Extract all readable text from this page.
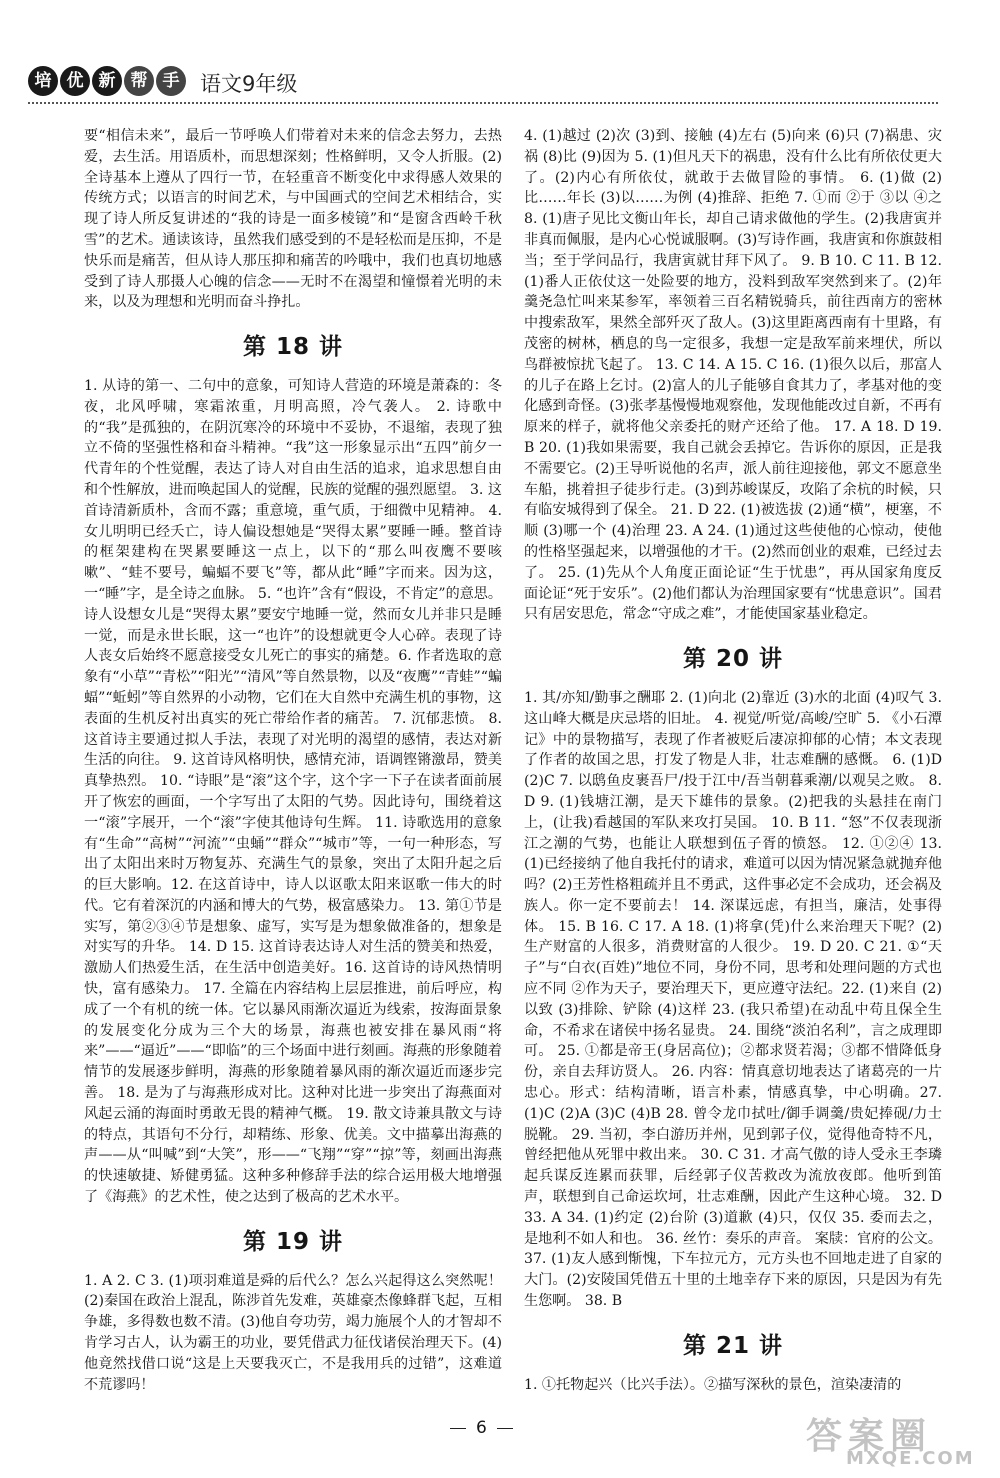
培 优 新 帮 手 语文9年级

要“相信未来”，最后一节呼唤人们带着对未来的信念去努力，去热爱，去生活。用语质朴，而思想深刻；性格鲜明，又令人折服。(2)全诗基本上遵从了四行一节，在轻重音不断变化中求得感人效果的传统方式；以语言的时间艺术，与中国画式的空间艺术相结合，实现了诗人所反复讲述的“我的诗是一面多棱镜”和“是窗含西岭千秋雪”的艺术。通读该诗，虽然我们感受到的不是轻松而是压抑，不是快乐而是痛苦，但从诗人那压抑和痛苦的吟哦中，我们也真切地感受到了诗人那摄人心魄的信念——无时不在渴望和憧憬着光明的未来，以及为理想和光明而奋斗挣扎。

第 18 讲

1. 从诗的第一、二句中的意象，可知诗人营造的环境是萧森的：冬夜，北风呼啸，寒霜浓重，月明高照，冷气袭人。 2. 诗歌中的“我”是孤独的，在阴沉寒冷的环境中不妥协，不退缩，表现了独立不倚的坚强性格和奋斗精神。“我”这一形象显示出“五四”前夕一代青年的个性觉醒，表达了诗人对自由生活的追求，追求思想自由和个性解放，进而唤起国人的觉醒，民族的觉醒的强烈愿望。 3. 这首诗清新质朴，含而不露；重意境，重气质，于细微中见精神。 4. 女儿明明已经夭亡，诗人偏设想她是“哭得太累”要睡一睡。整首诗的框架建构在哭累要睡这一点上，以下的“那么叫夜鹰不要咳嗽”、“蛙不要号，蝙蝠不要飞”等，都从此“睡”字而来。因为这，一“睡”字，是全诗之血脉。 5. “也许”含有“假设，不肯定”的意思。诗人设想女儿是“哭得太累”要安宁地睡一觉，然而女儿并非只是睡一觉，而是永世长眠，这一“也许”的设想就更令人心碎。表现了诗人丧女后始终不愿意接受女儿死亡的事实的痛楚。6. 作者选取的意象有“小草”“青松”“阳光”“清风”等自然景物，以及“夜鹰”“青蛙”“蝙蝠”“蚯蚓”等自然界的小动物，它们在大自然中充满生机的事物，这表面的生机反衬出真实的死亡带给作者的痛苦。 7. 沉郁悲愤。 8. 这首诗主要通过拟人手法，表现了对光明的渴望的感情，表达对新生活的向往。 9. 这首诗风格明快，感情充沛，语调铿锵激昂，赞美真挚热烈。 10. “诗眼”是“滚”这个字，这个字一下子在读者面前展开了恢宏的画面，一个字写出了太阳的气势。因此诗句，围绕着这一“滚”字展开，一个“滚”字使其他诗句生辉。 11. 诗歌选用的意象有“生命”“高树”“河流”“虫蛹”“群众”“城市”等，一句一种形态，写出了太阳出来时万物复苏、充满生气的景象，突出了太阳升起之后的巨大影响。12. 在这首诗中，诗人以讴歌太阳来讴歌一伟大的时代。它有着深沉的内涵和博大的气势，极富感染力。 13. 第①节是实写，第②③④节是想象、虚写，实写是为想象做准备的，想象是对实写的升华。 14. D 15. 这首诗表达诗人对生活的赞美和热爱，激励人们热爱生活，在生活中创造美好。16. 这首诗的诗风热情明快，富有感染力。 17. 全篇在内容结构上层层推进，前后呼应，构成了一个有机的统一体。它以暴风雨渐次逼近为线索，按海面景象的发展变化分成为三个大的场景，海燕也被安排在暴风雨“将来”——“逼近”——“即临”的三个场面中进行刻画。海燕的形象随着情节的发展逐步鲜明，海燕的形象随着暴风雨的渐次逼近而逐步完善。 18. 是为了与海燕形成对比。这种对比进一步突出了海燕面对风起云涌的海面时勇敢无畏的精神气概。 19. 散文诗兼具散文与诗的特点，其语句不分行，却精练、形象、优美。文中描摹出海燕的声——从“叫喊”到“大笑”，形——“飞翔”“穿”“掠”等，刻画出海燕的快速敏捷、矫健勇猛。这种多种修辞手法的综合运用极大地增强了《海燕》的艺术性，使之达到了极高的艺术水平。

第 19 讲

1. A 2. C 3. (1)项羽难道是舜的后代么？怎么兴起得这么突然呢！(2)秦国在政治上混乱，陈涉首先发难，英雄豪杰像蜂群飞起，互相争雄，多得数也数不清。(3)他自夸功劳，竭力施展个人的才智却不肯学习古人，认为霸王的功业，要凭借武力征伐诸侯治理天下。(4)他竟然找借口说“这是上天要我灭亡，不是我用兵的过错”，这难道不荒谬吗！

4. (1)越过 (2)次 (3)到、接触 (4)左右 (5)向来 (6)只 (7)祸患、灾祸 (8)比 (9)因为 5. (1)但凡天下的祸患，没有什么比有所依仗更大了。(2)内心有所依仗，就敢于去做冒险的事情。 6. (1)做 (2)比……年长 (3)以……为例 (4)推辞、拒绝 7. ①而 ②于 ③以 ④之 8. (1)唐子见比文衡山年长，却自己请求做他的学生。(2)我唐寅并非真而佩服，是内心心悦诚服啊。(3)写诗作画，我唐寅和你旗鼓相当；至于学问品行，我唐寅就甘拜下风了。 9. B 10. C 11. B 12. (1)番人正依仗这一处险要的地方，没料到敌军突然到来了。(2)年羹尧急忙叫来某参军，率领着三百名精锐骑兵，前往西南方的密林中搜索敌军，果然全部歼灭了敌人。(3)这里距离西南有十里路，有茂密的树林，栖息的鸟一定很多，我想一定是敌军前来埋伏，所以鸟群被惊扰飞起了。 13. C 14. A 15. C 16. (1)很久以后，那富人的儿子在路上乞讨。(2)富人的儿子能够自食其力了，孝基对他的变化感到奇怪。(3)张孝基慢慢地观察他，发现他能改过自新，不再有原来的样子，就将他父亲委托的财产还给了他。 17. A 18. D 19. B 20. (1)我如果需要，我自己就会丢掉它。告诉你的原因，正是我不需要它。(2)王导听说他的名声，派人前往迎接他，郭文不愿意坐车船，挑着担子徒步行走。(3)到苏峻谋反，攻陷了余杭的时候，只有临安城得到了保全。 21. D 22. (1)被选拔 (2)通“横”，梗塞，不顺 (3)哪一个 (4)治理 23. A 24. (1)通过这些使他的心惊动，使他的性格坚强起来，以增强他的才干。(2)然而创业的艰难，已经过去了。 25. (1)先从个人角度正面论证“生于忧患”，再从国家角度反面论证“死于安乐”。(2)他们都认为治理国家要有“忧患意识”。国君只有居安思危，常念“守成之难”，才能使国家基业稳定。

第 20 讲

1. 其/亦知/勤事之酬耶 2. (1)向北 (2)靠近 (3)水的北面 (4)叹气 3. 这山峰大概是庆忌塔的旧址。 4. 视觉/听觉/高峻/空旷 5. 《小石潭记》中的景物描写，表现了作者被贬后凄凉抑郁的心情；本文表现了作者的故国之思，打发了物是人非，壮志难酬的感慨。 6. (1)D (2)C 7. 以鸱鱼皮裹吾尸/投于江中/吾当朝暮乘潮/以观吴之败。 8. D 9. (1)钱塘江潮，是天下雄伟的景象。(2)把我的头悬挂在南门上，(让我)看越国的军队来攻打吴国。 10. B 11. “怒”不仅表现浙江之潮的气势，也能让人联想到伍子胥的愤怒。 12. ①②④ 13. (1)已经接纳了他自我托付的请求，难道可以因为情况紧急就抛弃他吗？(2)王芳性格粗疏并且不勇武，这件事必定不会成功，还会祸及族人。你一定不要前去！ 14. 深谋远虑，有担当，廉洁，处事得体。 15. B 16. C 17. A 18. (1)将拿(凭)什么来治理天下呢？(2)生产财富的人很多，消费财富的人很少。 19. D 20. C 21. ①“天子”与“白衣(百姓)”地位不同，身份不同，思考和处理问题的方式也应不同 ②作为天子，要治理天下，更应遵守法纪。22. (1)来自 (2)以致 (3)排除、铲除 (4)这样 23. (我只希望)在动乱中苟且保全生命，不希求在诸侯中扬名显贵。 24. 围绕“淡泊名利”，言之成理即可。 25. ①都是帝王(身居高位)；②都求贤若渴；③都不惜降低身份，亲自去拜访贤人。 26. 内容：情真意切地表达了诸葛亮的一片忠心。形式：结构清晰，语言朴素，情感真挚，中心明确。27. (1)C (2)A (3)C (4)B 28. 曾令龙巾拭吐/御手调羹/贵妃捧砚/力士脱靴。 29. 当初，李白游历并州，见到郭子仪，觉得他奇特不凡，曾经把他从死罪中救出来。 30. C 31. 才高气傲的诗人受永王李璘起兵谋反连累而获罪，后经郭子仪苦救改为流放夜郎。他听到笛声，联想到自己命运坎坷，壮志难酬，因此产生这种心境。 32. D 33. A 34. (1)约定 (2)台阶 (3)道歉 (4)只，仅仅 35. 委而去之，是地利不如人和也。 36. 丝竹：奏乐的声音。 案牍：官府的公文。 37. (1)友人感到惭愧，下车拉元方，元方头也不回地走进了自家的大门。(2)安陵国凭借五十里的土地幸存下来的原因，只是因为有先生您啊。 38. B

第 21 讲

1. ①托物起兴（比兴手法）。②描写深秋的景色，渲染凄清的

6	答案圈
MXQE.COM
